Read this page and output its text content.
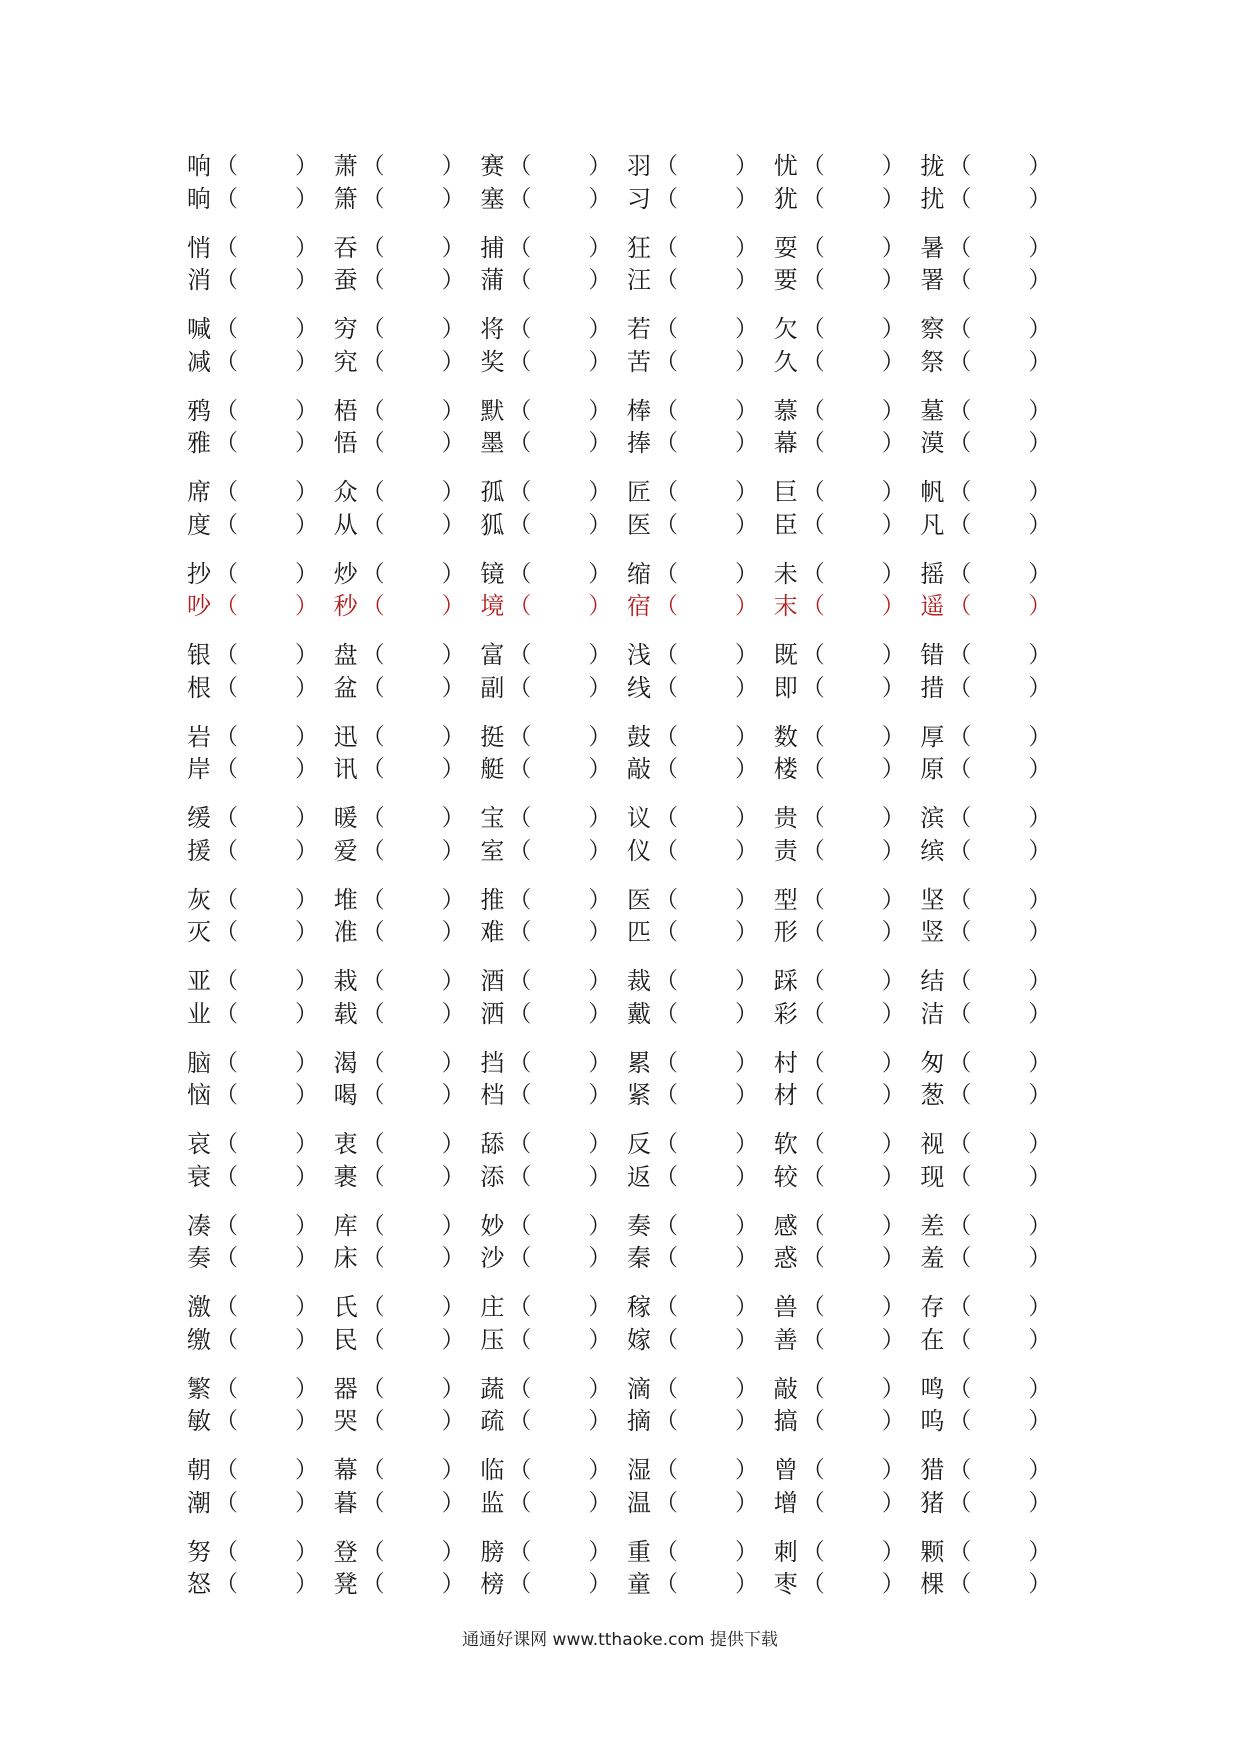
响 （ ） 萧 （ ） 赛 （ ） 羽 （ ） 忧 （ ） 拢 （ ）
晌 （ ） 箫 （ ） 塞 （ ） 习 （ ） 犹 （ ） 扰 （ ）
悄 （ ） 吞 （ ） 捕 （ ） 狂 （ ） 耍 （ ） 暑 （ ）
消 （ ） 蚕 （ ） 蒲 （ ） 汪 （ ） 要 （ ） 署 （ ）
喊 （ ） 穷 （ ） 将 （ ） 若 （ ） 欠 （ ） 察 （ ）
减 （ ） 究 （ ） 奖 （ ） 苦 （ ） 久 （ ） 祭 （ ）
鸦 （ ） 梧 （ ） 默 （ ） 棒 （ ） 慕 （ ） 墓 （ ）
雅 （ ） 悟 （ ） 墨 （ ） 捧 （ ） 幕 （ ） 漠 （ ）
席 （ ） 众 （ ） 孤 （ ） 匠 （ ） 巨 （ ） 帆 （ ）
度 （ ） 从 （ ） 狐 （ ） 医 （ ） 臣 （ ） 凡 （ ）
抄 （ ） 炒 （ ） 镜 （ ） 缩 （ ） 未 （ ） 摇 （ ）
吵 （ ） 秒 （ ） 境 （ ） 宿 （ ） 末 （ ） 遥 （ ）
银 （ ） 盘 （ ） 富 （ ） 浅 （ ） 既 （ ） 错 （ ）
根 （ ） 盆 （ ） 副 （ ） 线 （ ） 即 （ ） 措 （ ）
岩 （ ） 迅 （ ） 挺 （ ） 鼓 （ ） 数 （ ） 厚 （ ）
岸 （ ） 讯 （ ） 艇 （ ） 敲 （ ） 楼 （ ） 原 （ ）
缓 （ ） 暖 （ ） 宝 （ ） 议 （ ） 贵 （ ） 滨 （ ）
援 （ ） 爱 （ ） 室 （ ） 仪 （ ） 责 （ ） 缤 （ ）
灰 （ ） 堆 （ ） 推 （ ） 医 （ ） 型 （ ） 坚 （ ）
灭 （ ） 准 （ ） 难 （ ） 匹 （ ） 形 （ ） 竖 （ ）
亚 （ ） 栽 （ ） 酒 （ ） 裁 （ ） 踩 （ ） 结 （ ）
业 （ ） 载 （ ） 洒 （ ） 戴 （ ） 彩 （ ） 洁 （ ）
脑 （ ） 渴 （ ） 挡 （ ） 累 （ ） 村 （ ） 匆 （ ）
恼 （ ） 喝 （ ） 档 （ ） 紧 （ ） 材 （ ） 葱 （ ）
哀 （ ） 衷 （ ） 舔 （ ） 反 （ ） 软 （ ） 视 （ ）
衰 （ ） 裹 （ ） 添 （ ） 返 （ ） 较 （ ） 现 （ ）
凑 （ ） 库 （ ） 妙 （ ） 奏 （ ） 感 （ ） 差 （ ）
奏 （ ） 床 （ ） 沙 （ ） 秦 （ ） 惑 （ ） 羞 （ ）
激 （ ） 氏 （ ） 庄 （ ） 稼 （ ） 兽 （ ） 存 （ ）
缴 （ ） 民 （ ） 压 （ ） 嫁 （ ） 善 （ ） 在 （ ）
繁 （ ） 器 （ ） 蔬 （ ） 滴 （ ） 敲 （ ） 鸣 （ ）
敏 （ ） 哭 （ ） 疏 （ ） 摘 （ ） 搞 （ ） 呜 （ ）
朝 （ ） 幕 （ ） 临 （ ） 湿 （ ） 曾 （ ） 猎 （ ）
潮 （ ） 暮 （ ） 监 （ ） 温 （ ） 增 （ ） 猪 （ ）
努 （ ） 登 （ ） 膀 （ ） 重 （ ） 刺 （ ） 颗 （ ）
怒 （ ） 凳 （ ） 榜 （ ） 童 （ ） 枣 （ ） 棵 （ ）
通通好课网 www.tthaoke.com 提供下载
